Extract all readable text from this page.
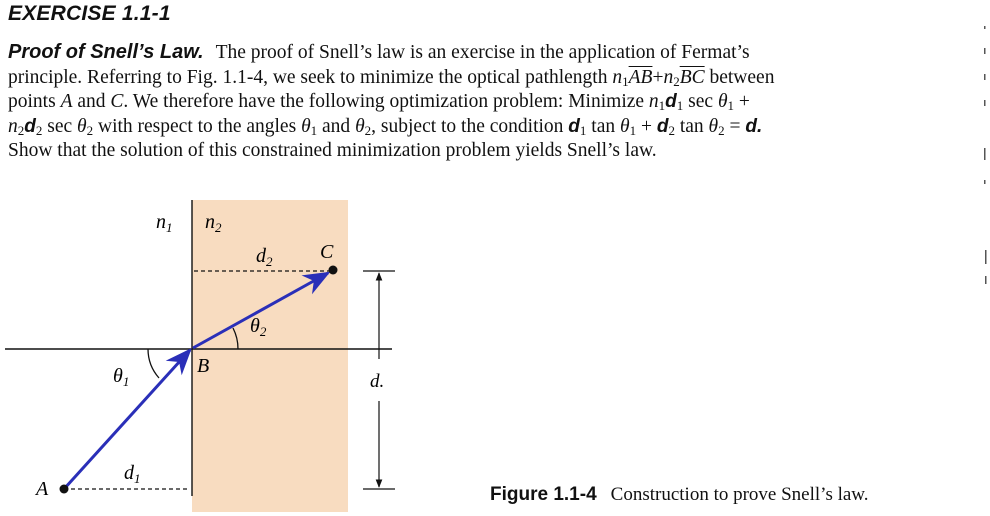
EXERCISE 1.1-1
Proof of Snell’s Law. The proof of Snell’s law is an exercise in the application of Fermat’s
principle. Referring to Fig. 1.1-4, we seek to minimize the optical pathlength $n_1\overline{AB}+n_2\overline{BC}$ between
points A and C. We therefore have the following optimization problem: Minimize $n_1d_1$ $\sec \theta_1$ +
$n_2d_2$ $\sec \theta_2$ with respect to the angles $\theta_1$ and $\theta_2$, subject to the condition $d_1$ $\tan \theta_1 + d_2$ $\tan \theta_2 = d$.
Show that the solution of this constrained minimization problem yields Snell’s law.
$n_1$ $n_2$
$d_2$ C
$\theta_2$
$\theta_1$
B
d.
$d_1$
A	Figure 1.1-4 Construction to prove Snell’s law.
